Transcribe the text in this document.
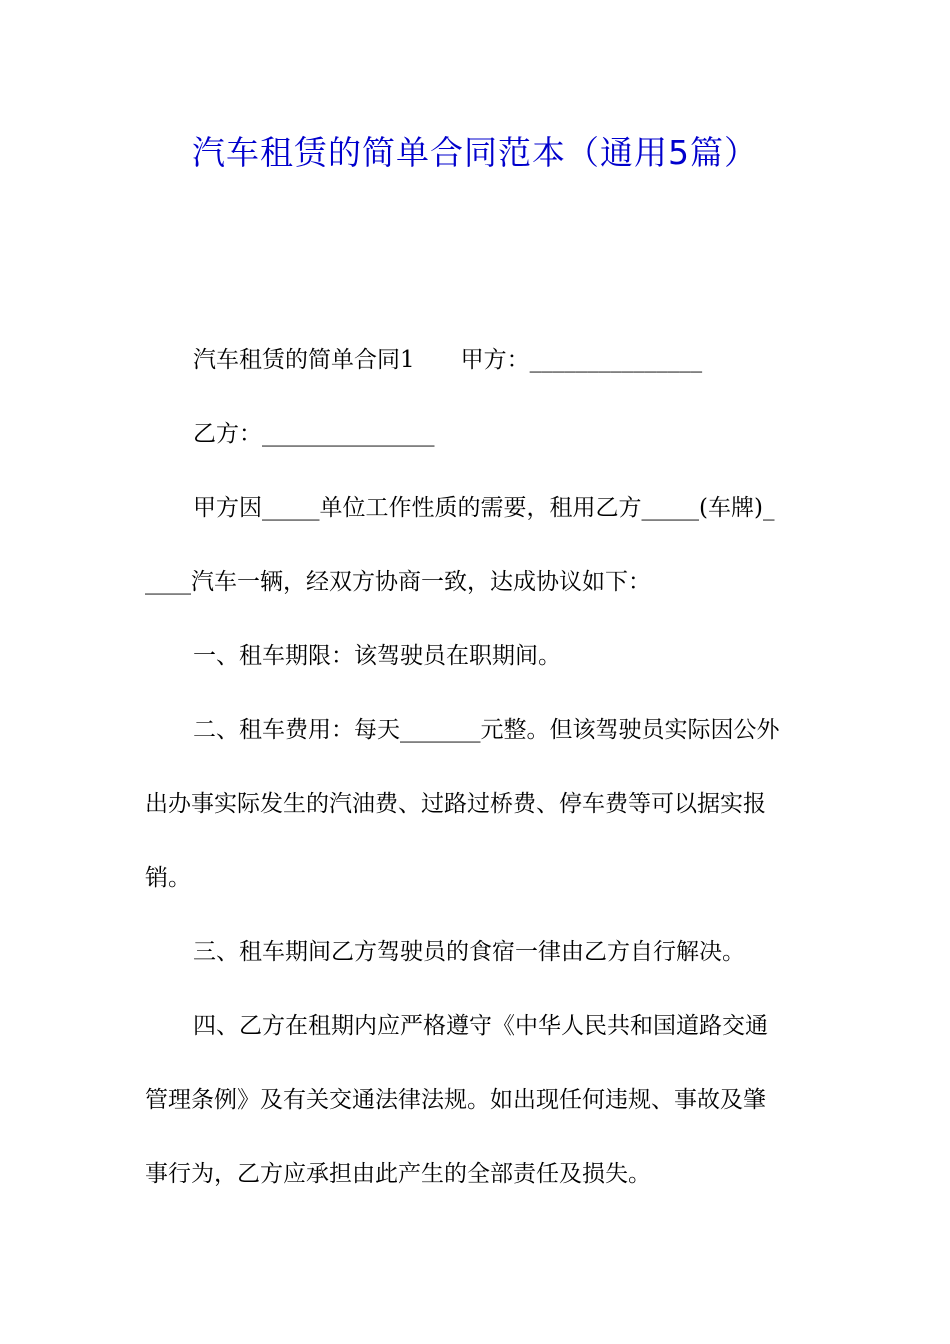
汽车租赁的简单合同范本（通用5篇）

汽车租赁的简单合同1　　甲方：_______________

乙方：_______________

甲方因_____单位工作性质的需要，租用乙方_____(车牌)_

____汽车一辆，经双方协商一致，达成协议如下：

一、租车期限：该驾驶员在职期间。

二、租车费用：每天_______元整。但该驾驶员实际因公外

出办事实际发生的汽油费、过路过桥费、停车费等可以据实报

销。

三、租车期间乙方驾驶员的食宿一律由乙方自行解决。

四、乙方在租期内应严格遵守《中华人民共和国道路交通

管理条例》及有关交通法律法规。如出现任何违规、事故及肇

事行为，乙方应承担由此产生的全部责任及损失。
